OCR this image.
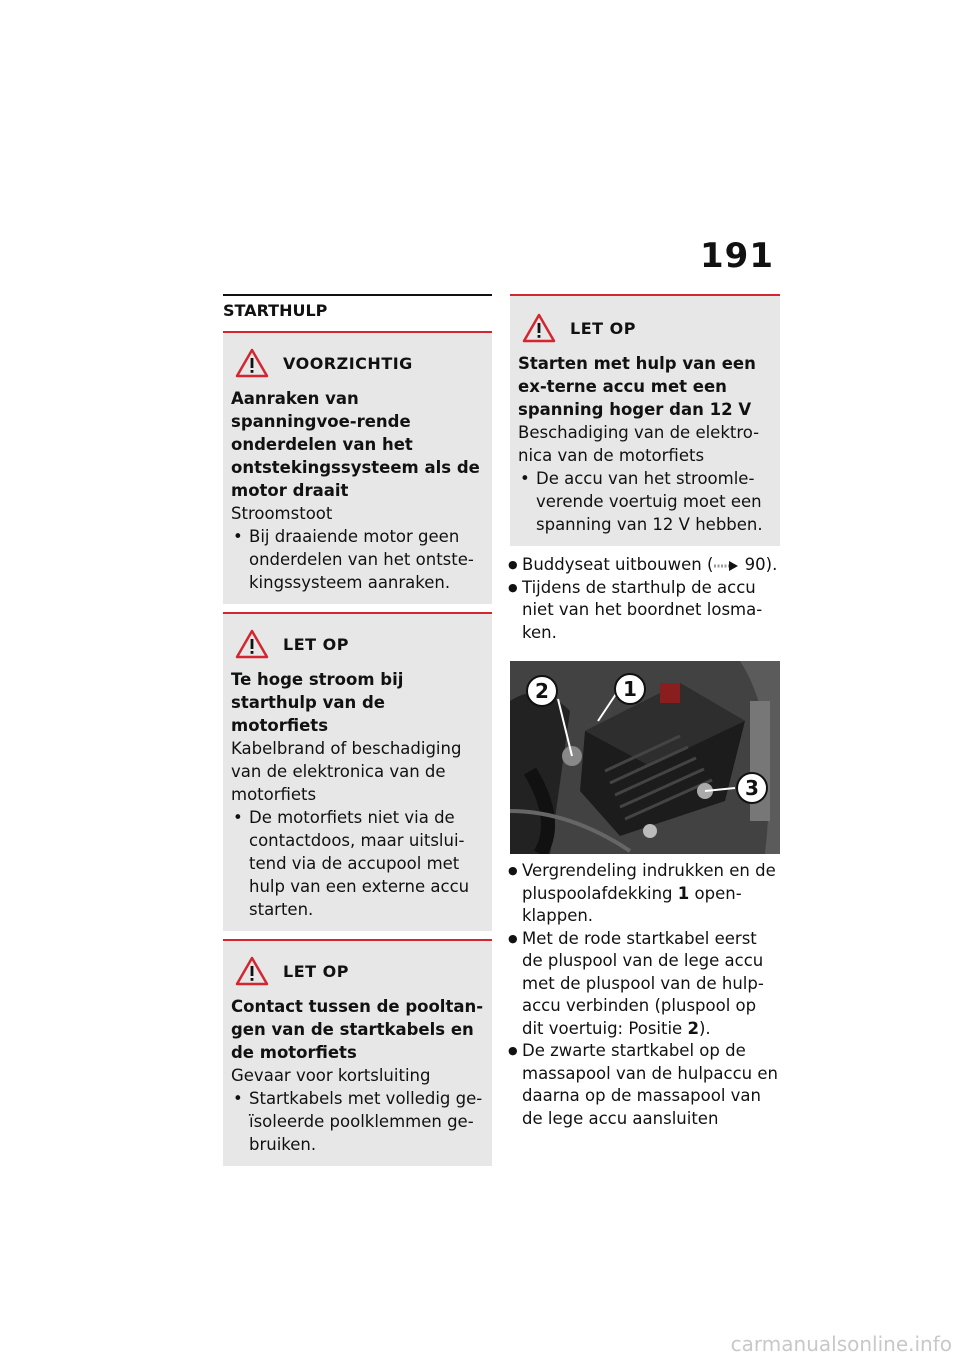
191
STARTHULP
VOORZICHTIG
Aanraken van spanningvoe-rende onderdelen van het ontstekingssysteem als de motor draait
Stroomstoot
• Bij draaiende motor geen onderdelen van het ontste-kingssysteem aanraken.
LET OP
Te hoge stroom bij starthulp van de motorfiets
Kabelbrand of beschadiging van de elektronica van de motorfiets
• De motorfiets niet via de contactdoos, maar uitslui-tend via de accupool met hulp van een externe accu starten.
LET OP
Contact tussen de pooltan-gen van de startkabels en de motorfiets
Gevaar voor kortsluiting
• Startkabels met volledig ge-ïsoleerde poolklemmen ge-bruiken.
LET OP
Starten met hulp van een ex-terne accu met een spanning hoger dan 12 V
Beschadiging van de elektro-nica van de motorfiets
• De accu van het stroomle-verende voertuig moet een spanning van 12 V hebben.
● Buddyseat uitbouwen ( 90).
● Tijdens de starthulp de accu niet van het boordnet losma-ken.
2	1
3
● Vergrendeling indrukken en de pluspoolafdekking 1 open-klappen.
● Met de rode startkabel eerst de pluspool van de lege accu met de pluspool van de hulp-accu verbinden (pluspool op dit voertuig: Positie 2).
● De zwarte startkabel op de massapool van de hulpaccu en daarna op de massapool van de lege accu aansluiten
carmanualsonline.info
